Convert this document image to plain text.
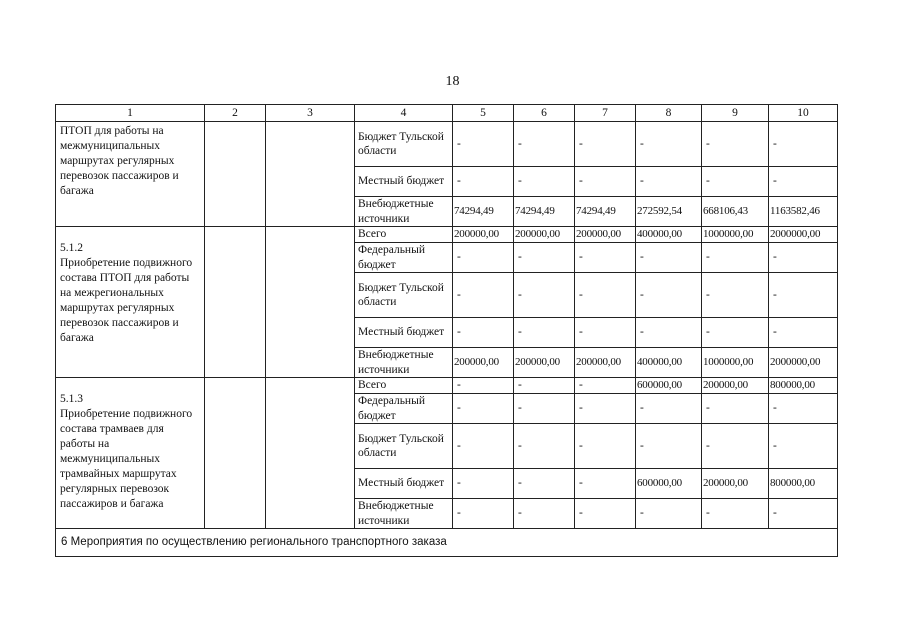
18
1	2	3	4	5	6	7	8	9	10

ПТОП для работы на межмуниципальных маршрутах регулярных перевозок пассажиров и багажа			Бюджет Тульской области	-	-	-	-	-	-
			Местный бюджет	-	-	-	-	-	-
			Внебюджетные источники	74294,49	74294,49	74294,49	272592,54	668106,43	1163582,46

5.1.2
Приобретение подвижного состава ПТОП для работы на межрегиональных маршрутах регулярных перевозок пассажиров и багажа			Всего	200000,00	200000,00	200000,00	400000,00	1000000,00	2000000,00
			Федеральный бюджет	-	-	-	-	-	-
			Бюджет Тульской области	-	-	-	-	-	-
			Местный бюджет	-	-	-	-	-	-
			Внебюджетные источники	200000,00	200000,00	200000,00	400000,00	1000000,00	2000000,00

5.1.3
Приобретение подвижного состава трамваев для работы на межмуниципальных трамвайных маршрутах регулярных перевозок пассажиров и багажа			Всего	-	-	-	600000,00	200000,00	800000,00
			Федеральный бюджет	-	-	-	-	-	-
			Бюджет Тульской области	-	-	-	-	-	-
			Местный бюджет	-	-	-	600000,00	200000,00	800000,00
			Внебюджетные источники	-	-	-	-	-	-
6 Мероприятия по осуществлению регионального транспортного заказа									
